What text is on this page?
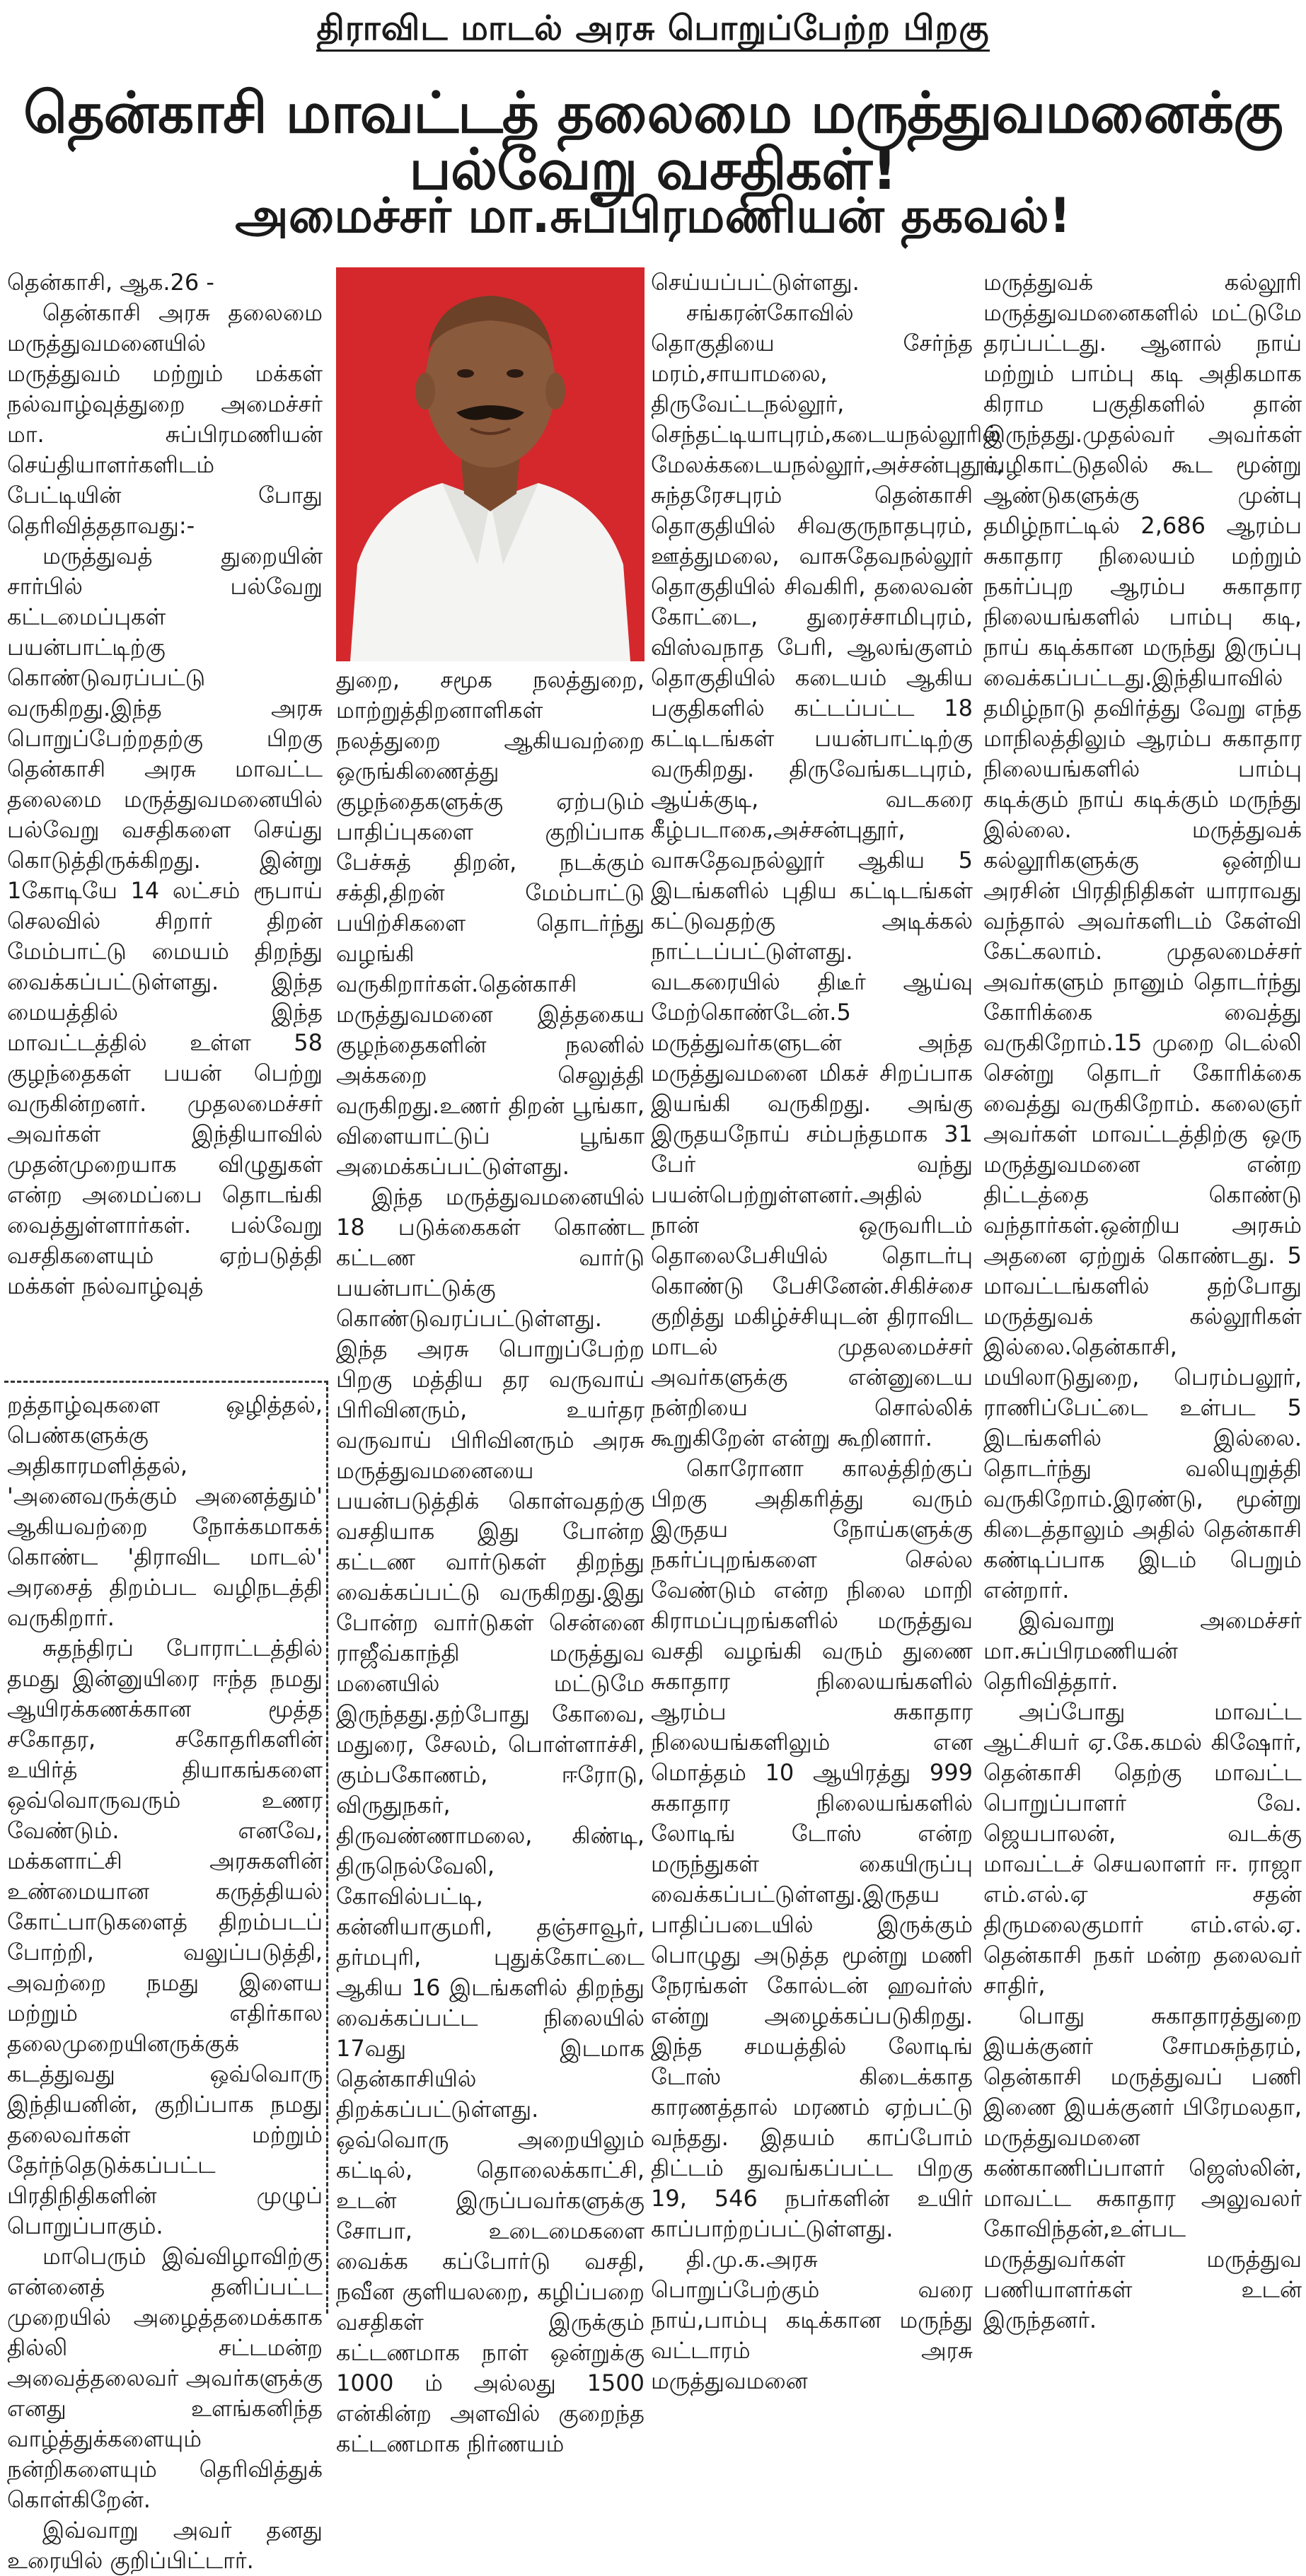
திராவிட மாடல் அரசு பொறுப்பேற்ற பிறகு
தென்காசி மாவட்டத் தலைமை மருத்துவமனைக்கு பல்வேறு வசதிகள்!
அமைச்சர் மா.சுப்பிரமணியன் தகவல்!

தென்காசி, ஆக.26 -

தென்காசி அரசு தலைமை மருத்துவமனையில் மருத்துவம் மற்றும் மக்கள் நல்வாழ்வுத்துறை அமைச்சர் மா. சுப்பிரமணியன் செய்தியாளர்களிடம் பேட்டியின் போது தெரிவித்ததாவது:-

மருத்துவத் துறையின் சார்பில் பல்வேறு கட்டமைப்புகள் பயன்பாட்டிற்கு கொண்டுவரப்பட்டு வருகிறது.இந்த அரசு பொறுப்பேற்றதற்கு பிறகு தென்காசி அரசு மாவட்ட தலைமை மருத்துவமனையில் பல்வேறு வசதிகளை செய்து கொடுத்திருக்கிறது. இன்று 1கோடியே 14 லட்சம் ரூபாய் செலவில் சிறார் திறன் மேம்பாட்டு மையம் திறந்து வைக்கப்பட்டுள்ளது. இந்த மையத்தில் இந்த மாவட்டத்தில் உள்ள 58 குழந்தைகள் பயன் பெற்று வருகின்றனர். முதலமைச்சர் அவர்கள் இந்தியாவில் முதன்முறையாக விழுதுகள் என்ற அமைப்பை தொடங்கி வைத்துள்ளார்கள். பல்வேறு வசதிகளையும் ஏற்படுத்தி மக்கள் நல்வாழ்வுத்

றத்தாழ்வுகளை ஒழித்தல், பெண்களுக்கு அதிகாரமளித்தல், 'அனைவருக்கும் அனைத்தும்' ஆகியவற்றை நோக்கமாகக் கொண்ட 'திராவிட மாடல்' அரசைத் திறம்பட வழிநடத்தி வருகிறார்.

சுதந்திரப் போராட்டத்தில் தமது இன்னுயிரை ஈந்த நமது ஆயிரக்கணக்கான மூத்த சகோதர, சகோதரிகளின் உயிர்த் தியாகங்களை ஒவ்வொருவரும் உணர வேண்டும். எனவே, மக்களாட்சி அரசுகளின் உண்மையான கருத்தியல் கோட்பாடுகளைத் திறம்படப் போற்றி, வலுப்படுத்தி, அவற்றை நமது இளைய மற்றும் எதிர்கால தலைமுறையினருக்குக் கடத்துவது ஒவ்வொரு இந்தியனின், குறிப்பாக நமது தலைவர்கள் மற்றும் தேர்ந்தெடுக்கப்பட்ட பிரதிநிதிகளின் முழுப் பொறுப்பாகும்.

மாபெரும் இவ்விழாவிற்கு என்னைத் தனிப்பட்ட முறையில் அழைத்தமைக்காக தில்லி சட்டமன்ற அவைத்தலைவர் அவர்களுக்கு எனது உளங்கனிந்த வாழ்த்துக்களையும் நன்றிகளையும் தெரிவித்துக் கொள்கிறேன்.

இவ்வாறு அவர் தனது உரையில் குறிப்பிட்டார்.

துறை, சமூக நலத்துறை, மாற்றுத்திறனாளிகள் நலத்துறை ஆகியவற்றை ஒருங்கிணைத்து குழந்தைகளுக்கு ஏற்படும் பாதிப்புகளை குறிப்பாக பேச்சுத் திறன், நடக்கும் சக்தி,திறன் மேம்பாட்டு பயிற்சிகளை தொடர்ந்து வழங்கி வருகிறார்கள்.தென்காசி மருத்துவமனை இத்தகைய குழந்தைகளின் நலனில் அக்கறை செலுத்தி வருகிறது.உணர் திறன் பூங்கா, விளையாட்டுப் பூங்கா அமைக்கப்பட்டுள்ளது.

இந்த மருத்துவமனையில் 18 படுக்கைகள் கொண்ட கட்டண வார்டு பயன்பாட்டுக்கு கொண்டுவரப்பட்டுள்ளது. இந்த அரசு பொறுப்பேற்ற பிறகு மத்திய தர வருவாய் பிரிவினரும், உயர்தர வருவாய் பிரிவினரும் அரசு மருத்துவமனையை பயன்படுத்திக் கொள்வதற்கு வசதியாக இது போன்ற கட்டண வார்டுகள் திறந்து வைக்கப்பட்டு வருகிறது.இது போன்ற வார்டுகள் சென்னை ராஜீவ்காந்தி மருத்துவ மனையில் மட்டுமே இருந்தது.தற்போது கோவை, மதுரை, சேலம், பொள்ளாச்சி, கும்பகோணம், ஈரோடு, விருதுநகர், திருவண்ணாமலை, கிண்டி, திருநெல்வேலி, கோவில்பட்டி, கன்னியாகுமரி, தஞ்சாவூர், தர்மபுரி, புதுக்கோட்டை ஆகிய 16 இடங்களில் திறந்து வைக்கப்பட்ட நிலையில் 17வது இடமாக தென்காசியில் திறக்கப்பட்டுள்ளது. ஒவ்வொரு அறையிலும் கட்டில், தொலைக்காட்சி, உடன் இருப்பவர்களுக்கு சோபா, உடைமைகளை வைக்க கப்போர்டு வசதி, நவீன குளியலறை, கழிப்பறை வசதிகள் இருக்கும் கட்டணமாக நாள் ஒன்றுக்கு 1000 ம் அல்லது 1500 என்கின்ற அளவில் குறைந்த கட்டணமாக நிர்ணயம்

செய்யப்பட்டுள்ளது.

சங்கரன்கோவில் தொகுதியை சேர்ந்த மரம்,சாயாமலை, திருவேட்டநல்லூர், செந்தட்டியாபுரம்,கடையநல்லூரில் மேலக்கடையநல்லூர்,அச்சன்புதூர், சுந்தரேசபுரம் தென்காசி தொகுதியில் சிவகுருநாதபுரம், ஊத்துமலை, வாசுதேவநல்லூர் தொகுதியில் சிவகிரி, தலைவன் கோட்டை, துரைச்சாமிபுரம், விஸ்வநாத பேரி, ஆலங்குளம் தொகுதியில் கடையம் ஆகிய பகுதிகளில் கட்டப்பட்ட 18 கட்டிடங்கள் பயன்பாட்டிற்கு வருகிறது. திருவேங்கடபுரம், ஆய்க்குடி, வடகரை கீழ்படாகை,அச்சன்புதூர், வாசுதேவநல்லூர் ஆகிய 5 இடங்களில் புதிய கட்டிடங்கள் கட்டுவதற்கு அடிக்கல் நாட்டப்பட்டுள்ளது. வடகரையில் திடீர் ஆய்வு மேற்கொண்டேன்.5 மருத்துவர்களுடன் அந்த மருத்துவமனை மிகச் சிறப்பாக இயங்கி வருகிறது. அங்கு இருதயநோய் சம்பந்தமாக 31 பேர் வந்து பயன்பெற்றுள்ளனர்.அதில் நான் ஒருவரிடம் தொலைபேசியில் தொடர்பு கொண்டு பேசினேன்.சிகிச்சை குறித்து மகிழ்ச்சியுடன் திராவிட மாடல் முதலமைச்சர் அவர்களுக்கு என்னுடைய நன்றியை சொல்லிக் கூறுகிறேன் என்று கூறினார்.

கொரோனா காலத்திற்குப் பிறகு அதிகரித்து வரும் இருதய நோய்களுக்கு நகர்ப்புறங்களை செல்ல வேண்டும் என்ற நிலை மாறி கிராமப்புறங்களில் மருத்துவ வசதி வழங்கி வரும் துணை சுகாதார நிலையங்களில் ஆரம்ப சுகாதார நிலையங்களிலும் என மொத்தம் 10 ஆயிரத்து 999 சுகாதார நிலையங்களில் லோடிங் டோஸ் என்ற மருந்துகள் கையிருப்பு வைக்கப்பட்டுள்ளது.இருதய பாதிப்படையில் இருக்கும் பொழுது அடுத்த மூன்று மணி நேரங்கள் கோல்டன் ஹவர்ஸ் என்று அழைக்கப்படுகிறது. இந்த சமயத்தில் லோடிங் டோஸ் கிடைக்காத காரணத்தால் மரணம் ஏற்பட்டு வந்தது. இதயம் காப்போம் திட்டம் துவங்கப்பட்ட பிறகு 19, 546 நபர்களின் உயிர் காப்பாற்றப்பட்டுள்ளது.

தி.மு.க.அரசு பொறுப்பேற்கும் வரை நாய்,பாம்பு கடிக்கான மருந்து வட்டாரம் அரசு மருத்துவமனை

மருத்துவக் கல்லூரி மருத்துவமனைகளில் மட்டுமே தரப்பட்டது. ஆனால் நாய் மற்றும் பாம்பு கடி அதிகமாக கிராம பகுதிகளில் தான் இருந்தது.முதல்வர் அவர்கள் வழிகாட்டுதலில் கூட மூன்று ஆண்டுகளுக்கு முன்பு தமிழ்நாட்டில் 2,686 ஆரம்ப சுகாதார நிலையம் மற்றும் நகர்ப்புற ஆரம்ப சுகாதார நிலையங்களில் பாம்பு கடி, நாய் கடிக்கான மருந்து இருப்பு வைக்கப்பட்டது.இந்தியாவில் தமிழ்நாடு தவிர்த்து வேறு எந்த மாநிலத்திலும் ஆரம்ப சுகாதார நிலையங்களில் பாம்பு கடிக்கும் நாய் கடிக்கும் மருந்து இல்லை. மருத்துவக் கல்லூரிகளுக்கு ஒன்றிய அரசின் பிரதிநிதிகள் யாராவது வந்தால் அவர்களிடம் கேள்வி கேட்கலாம். முதலமைச்சர் அவர்களும் நானும் தொடர்ந்து கோரிக்கை வைத்து வருகிறோம்.15 முறை டெல்லி சென்று தொடர் கோரிக்கை வைத்து வருகிறோம். கலைஞர் அவர்கள் மாவட்டத்திற்கு ஒரு மருத்துவமனை என்ற திட்டத்தை கொண்டு வந்தார்கள்.ஒன்றிய அரசும் அதனை ஏற்றுக் கொண்டது. 5 மாவட்டங்களில் தற்போது மருத்துவக் கல்லூரிகள் இல்லை.தென்காசி, மயிலாடுதுறை, பெரம்பலூர், ராணிப்பேட்டை உள்பட 5 இடங்களில் இல்லை. தொடர்ந்து வலியுறுத்தி வருகிறோம்.இரண்டு, மூன்று கிடைத்தாலும் அதில் தென்காசி கண்டிப்பாக இடம் பெறும் என்றார்.

இவ்வாறு அமைச்சர் மா.சுப்பிரமணியன் தெரிவித்தார்.

அப்போது மாவட்ட ஆட்சியர் ஏ.கே.கமல் கிஷோர், தென்காசி தெற்கு மாவட்ட பொறுப்பாளர் வே. ஜெயபாலன், வடக்கு மாவட்டச் செயலாளர் ஈ. ராஜா எம்.எல்.ஏ சதன் திருமலைகுமார் எம்.எல்.ஏ. தென்காசி நகர் மன்ற தலைவர் சாதிர்,

பொது சுகாதாரத்துறை இயக்குனர் சோமசுந்தரம், தென்காசி மருத்துவப் பணி இணை இயக்குனர் பிரேமலதா, மருத்துவமனை கண்காணிப்பாளர் ஜெஸ்லின், மாவட்ட சுகாதார அலுவலர் கோவிந்தன்,உள்பட மருத்துவர்கள் மருத்துவ பணியாளர்கள் உடன் இருந்தனர்.
